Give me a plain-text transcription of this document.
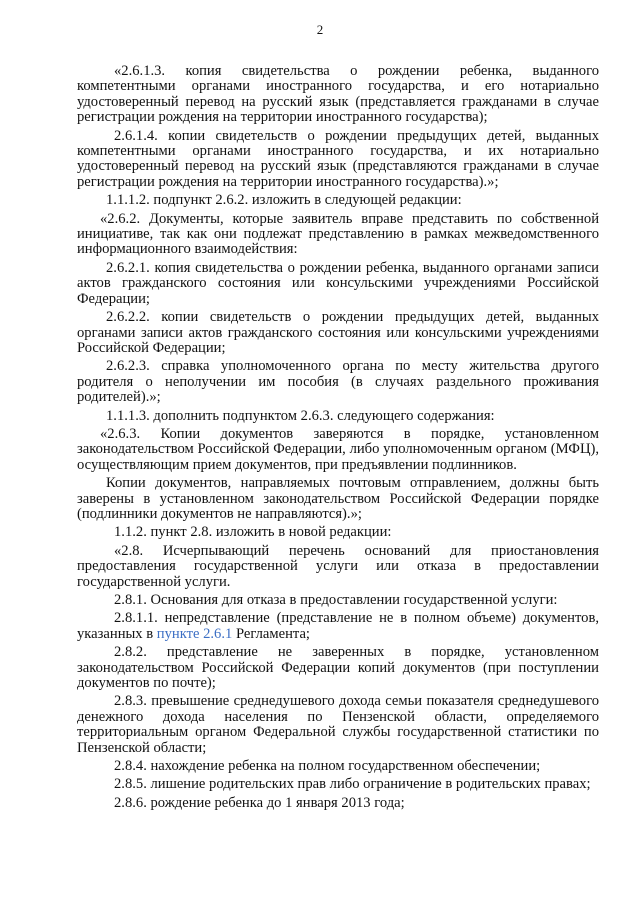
2

«2.6.1.3. копия свидетельства о рождении ребенка, выданного компетентными органами иностранного государства, и его нотариально удостоверенный перевод на русский язык (представляется гражданами в случае регистрации рождения на территории иностранного государства);

2.6.1.4. копии свидетельств о рождении предыдущих детей, выданных компетентными органами иностранного государства, и их нотариально удостоверенный перевод на русский язык (представляются гражданами в случае регистрации рождения на территории иностранного государства).»;

1.1.1.2. подпункт 2.6.2. изложить в следующей редакции:

«2.6.2. Документы, которые заявитель вправе представить по собственной инициативе, так как они подлежат представлению в рамках межведомственного информационного взаимодействия:

2.6.2.1. копия свидетельства о рождении ребенка, выданного органами записи актов гражданского состояния или консульскими учреждениями Российской Федерации;

2.6.2.2. копии свидетельств о рождении предыдущих детей, выданных органами записи актов гражданского состояния или консульскими учреждениями Российской Федерации;

2.6.2.3. справка уполномоченного органа по месту жительства другого родителя о неполучении им пособия (в случаях раздельного проживания родителей).»;

1.1.1.3. дополнить подпунктом 2.6.3. следующего содержания:

«2.6.3. Копии документов заверяются в порядке, установленном законодательством Российской Федерации, либо уполномоченным органом (МФЦ), осуществляющим прием документов, при предъявлении подлинников.

Копии документов, направляемых почтовым отправлением, должны быть заверены в установленном законодательством Российской Федерации порядке (подлинники документов не направляются).»;

1.1.2. пункт 2.8. изложить в новой редакции:

«2.8. Исчерпывающий перечень оснований для приостановления предоставления государственной услуги или отказа в предоставлении государственной услуги.

2.8.1. Основания для отказа в предоставлении государственной услуги:

2.8.1.1. непредставление (представление не в полном объеме) документов, указанных в пункте 2.6.1 Регламента;

2.8.2. представление не заверенных в порядке, установленном законодательством Российской Федерации копий документов (при поступлении документов по почте);

2.8.3. превышение среднедушевого дохода семьи показателя среднедушевого денежного дохода населения по Пензенской области, определяемого территориальным органом Федеральной службы государственной статистики по Пензенской области;

2.8.4. нахождение ребенка на полном государственном обеспечении;

2.8.5. лишение родительских прав либо ограничение в родительских правах;

2.8.6. рождение ребенка до 1 января 2013 года;
